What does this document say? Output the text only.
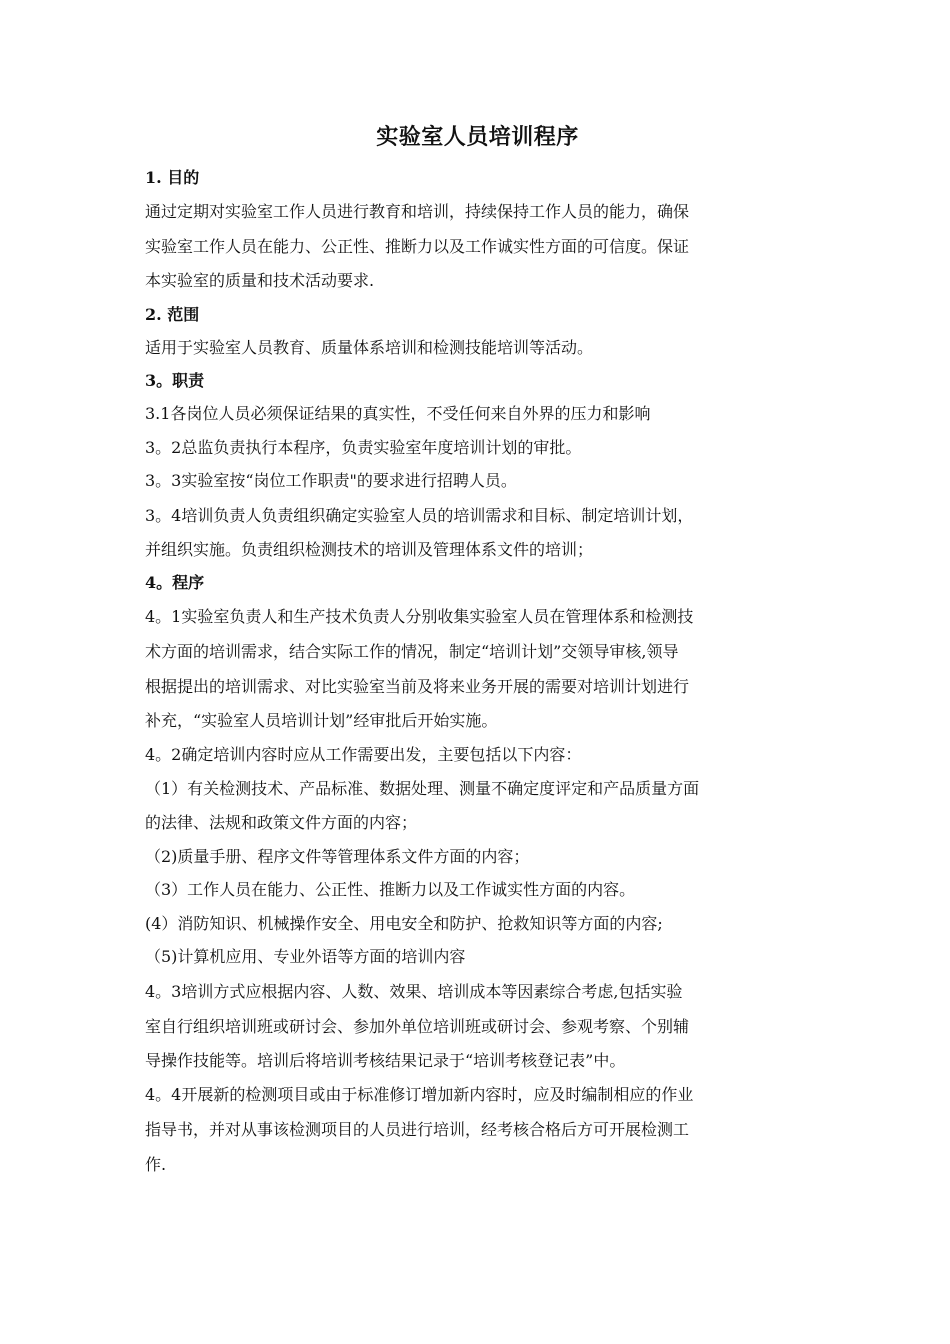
实验室人员培训程序
1. 目的
通过定期对实验室工作人员进行教育和培训，持续保持工作人员的能力，确保
实验室工作人员在能力、公正性、推断力以及工作诚实性方面的可信度。保证
本实验室的质量和技术活动要求.
2. 范围
适用于实验室人员教育、质量体系培训和检测技能培训等活动。
3。职责
3.1各岗位人员必须保证结果的真实性，不受任何来自外界的压力和影响
3。2总监负责执行本程序，负责实验室年度培训计划的审批。
3。3实验室按“岗位工作职责"的要求进行招聘人员。
3。4培训负责人负责组织确定实验室人员的培训需求和目标、制定培训计划，
并组织实施。负责组织检测技术的培训及管理体系文件的培训；
4。程序
4。1实验室负责人和生产技术负责人分别收集实验室人员在管理体系和检测技
术方面的培训需求，结合实际工作的情况，制定“培训计划”交领导审核,领导
根据提出的培训需求、对比实验室当前及将来业务开展的需要对培训计划进行
补充，“实验室人员培训计划”经审批后开始实施。
4。2确定培训内容时应从工作需要出发，主要包括以下内容：
（1）有关检测技术、产品标准、数据处理、测量不确定度评定和产品质量方面
的法律、法规和政策文件方面的内容；
（2)质量手册、程序文件等管理体系文件方面的内容；
（3）工作人员在能力、公正性、推断力以及工作诚实性方面的内容。
(4）消防知识、机械操作安全、用电安全和防护、抢救知识等方面的内容;
（5)计算机应用、专业外语等方面的培训内容
4。3培训方式应根据内容、人数、效果、培训成本等因素综合考虑,包括实验
室自行组织培训班或研讨会、参加外单位培训班或研讨会、参观考察、个别辅
导操作技能等。培训后将培训考核结果记录于“培训考核登记表”中。
4。4开展新的检测项目或由于标准修订增加新内容时，应及时编制相应的作业
指导书，并对从事该检测项目的人员进行培训，经考核合格后方可开展检测工
作.
